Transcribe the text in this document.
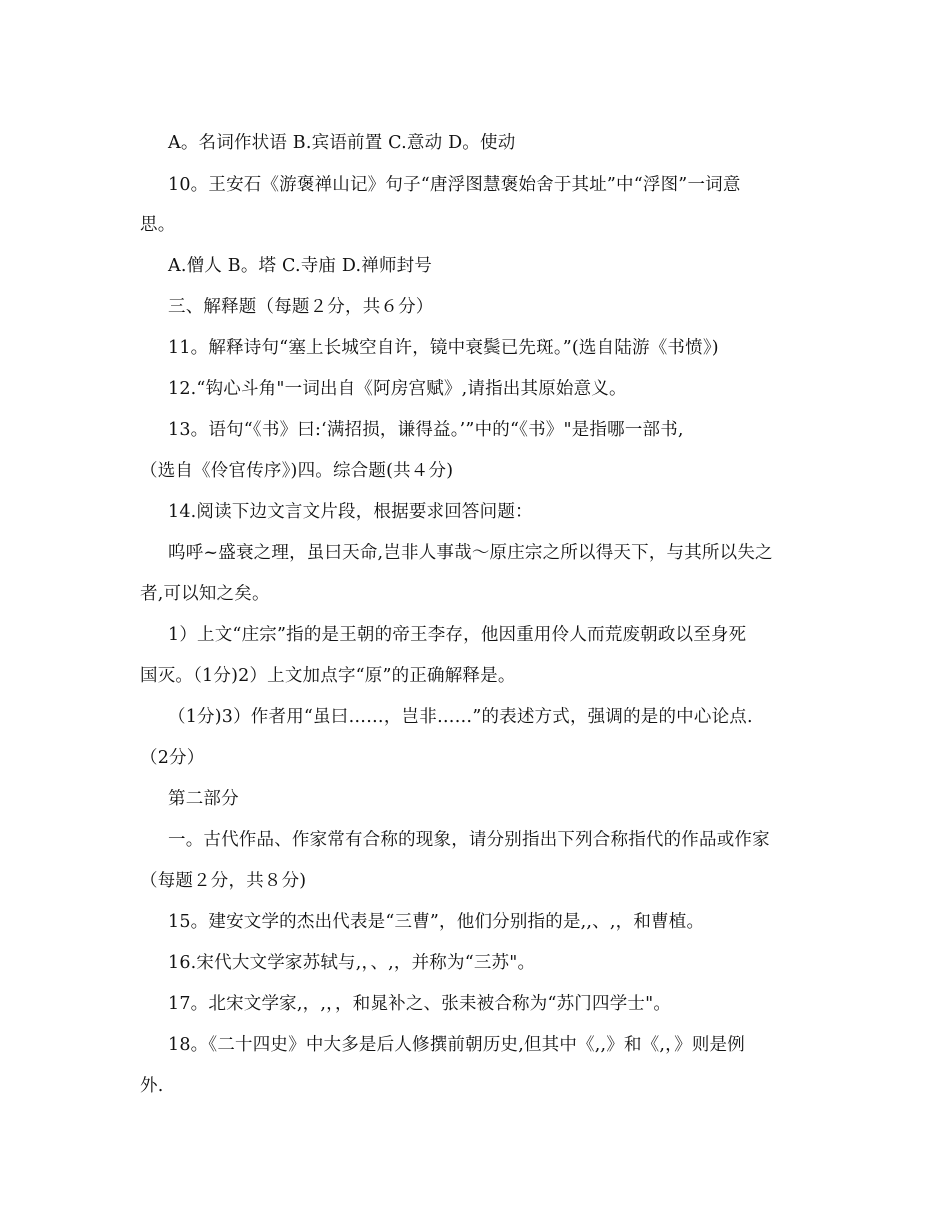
A。名词作状语 B.宾语前置 C.意动 D。使动
10。王安石《游褒禅山记》句子“唐浮图慧褒始舍于其址”中“浮图”一词意
思。
A.僧人 B。塔 C.寺庙 D.禅师封号
三、解释题（每题２分，共６分）
11。解释诗句“塞上长城空自许，镜中衰鬓已先斑。”(选自陆游《书愤》)
12.“钩心斗角"一词出自《阿房宫赋》,请指出其原始意义。
13。语句“《书》曰:‘满招损，谦得益。’”中的“《书》"是指哪一部书,
（选自《伶官传序》)四。综合题(共４分)
14.阅读下边文言文片段，根据要求回答问题：
呜呼~盛衰之理，虽曰天命,岂非人事哉～原庄宗之所以得天下，与其所以失之
者,可以知之矣。
1）上文“庄宗”指的是王朝的帝王李存，他因重用伶人而荒废朝政以至身死
国灭。（1分)2）上文加点字“原”的正确解释是。
（1分)3）作者用“虽曰……，岂非……”的表述方式，强调的是的中心论点.
（2分）
第二部分
一。古代作品、作家常有合称的现象，请分别指出下列合称指代的作品或作家
（每题２分，共８分)
15。建安文学的杰出代表是“三曹”，他们分别指的是,,、,，和曹植。
16.宋代大文学家苏轼与,，、,，并称为“三苏"。
17。北宋文学家,，,，，和晁补之、张耒被合称为“苏门四学士"。
18。《二十四史》中大多是后人修撰前朝历史,但其中《,,》和《,，》则是例
外.
